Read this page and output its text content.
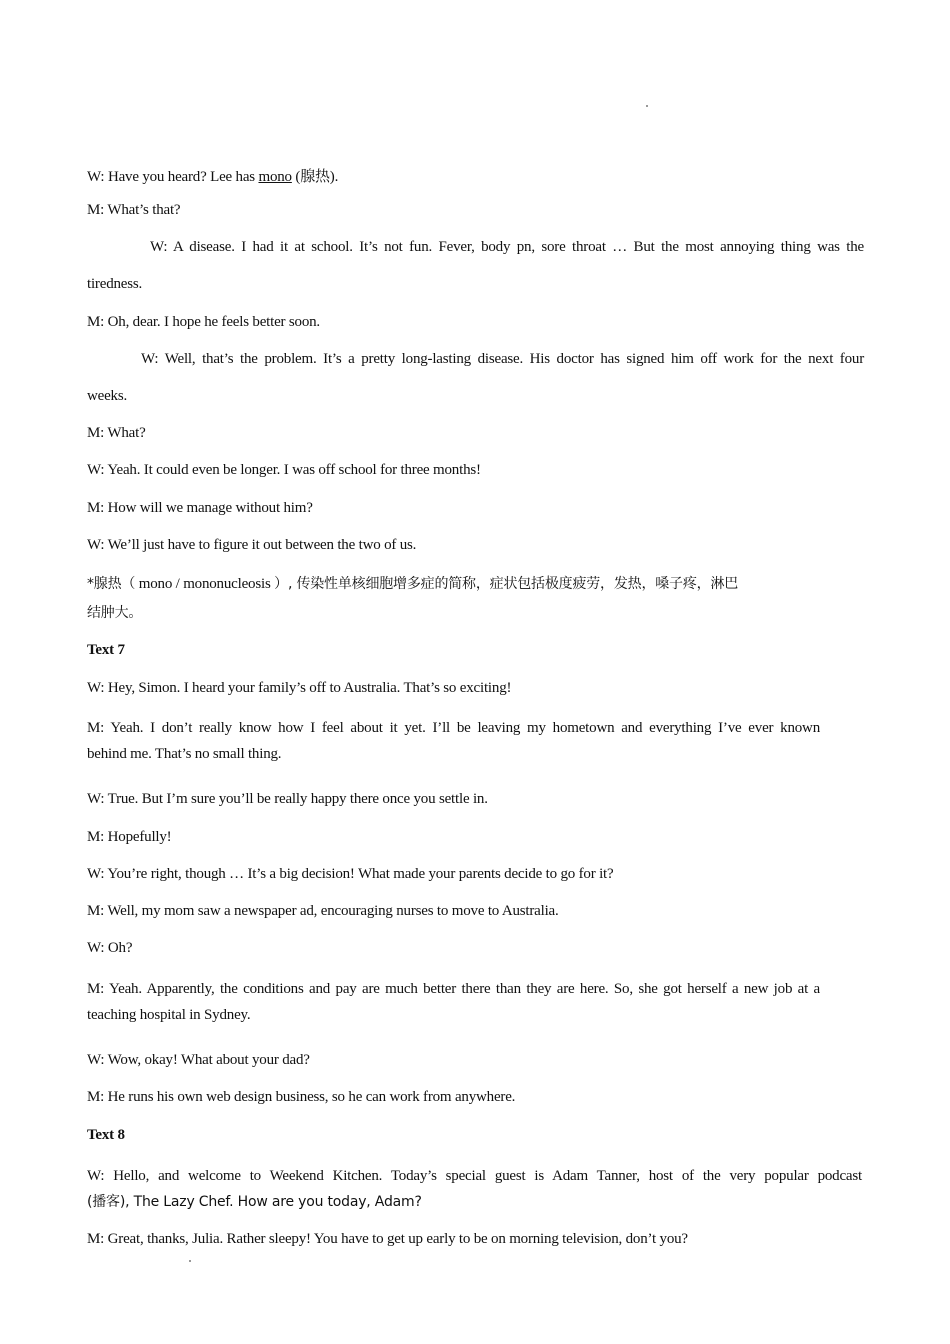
W: Have you heard? Lee has mono (腺热).
M: What’s that?
W: A disease. I had it at school. It’s not fun. Fever, body pn, sore throat … But the most annoying thing was the
tiredness.
M: Oh, dear. I hope he feels better soon.
W: Well, that’s the problem. It’s a pretty long-lasting disease. His doctor has signed him off work for the next four
weeks.
M: What?
W: Yeah. It could even be longer. I was off school for three months!
M: How will we manage without him?
W: We’ll just have to figure it out between the two of us.
*腺热（ mono / mononucleosis ）, 传染性单核细胞增多症的简称，症状包括极度疲劳，发热，嗓子疼，淋巴
结肿大。
Text 7
W: Hey, Simon. I heard your family’s off to Australia. That’s so exciting!
M: Yeah. I don’t really know how I feel about it yet. I’ll be leaving my hometown and everything I’ve ever known
behind me. That’s no small thing.
W: True. But I’m sure you’ll be really happy there once you settle in.
M: Hopefully!
W: You’re right, though … It’s a big decision! What made your parents decide to go for it?
M: Well, my mom saw a newspaper ad, encouraging nurses to move to Australia.
W: Oh?
M: Yeah. Apparently, the conditions and pay are much better there than they are here. So, she got herself a new job at a
teaching hospital in Sydney.
W: Wow, okay! What about your dad?
M: He runs his own web design business, so he can work from anywhere.
Text 8
W: Hello, and welcome to Weekend Kitchen. Today’s special guest is Adam Tanner, host of the very popular podcast
(播客), The Lazy Chef. How are you today, Adam?
M: Great, thanks, Julia. Rather sleepy! You have to get up early to be on morning television, don’t you?
